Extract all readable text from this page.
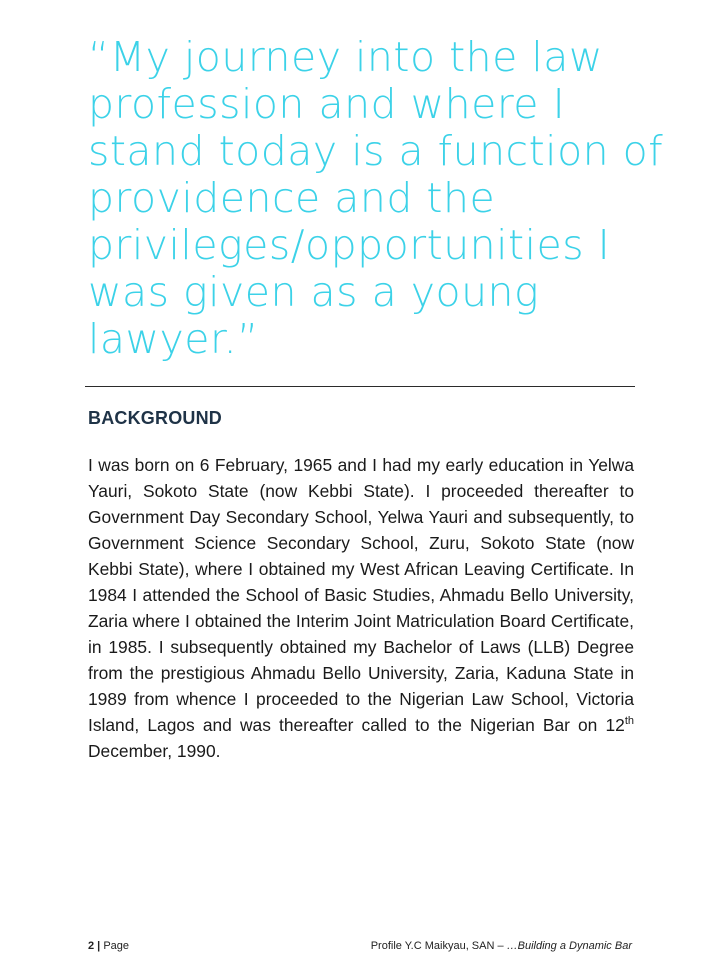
“My journey into the law profession and where I stand today is a function of providence and the privileges/opportunities I was given as a young lawyer.”

BACKGROUND

I was born on 6 February, 1965 and I had my early education in Yelwa Yauri, Sokoto State (now Kebbi State). I proceeded thereafter to Government Day Secondary School, Yelwa Yauri and subsequently, to Government Science Secondary School, Zuru, Sokoto State (now Kebbi State), where I obtained my West African Leaving Certificate. In 1984 I attended the School of Basic Studies, Ahmadu Bello University, Zaria where I obtained the Interim Joint Matriculation Board Certificate, in 1985. I subsequently obtained my Bachelor of Laws (LLB) Degree from the prestigious Ahmadu Bello University, Zaria, Kaduna State in 1989 from whence I proceeded to the Nigerian Law School, Victoria Island, Lagos and was thereafter called to the Nigerian Bar on 12th December, 1990.

2 | Page	Profile Y.C Maikyau, SAN – …Building a Dynamic Bar
